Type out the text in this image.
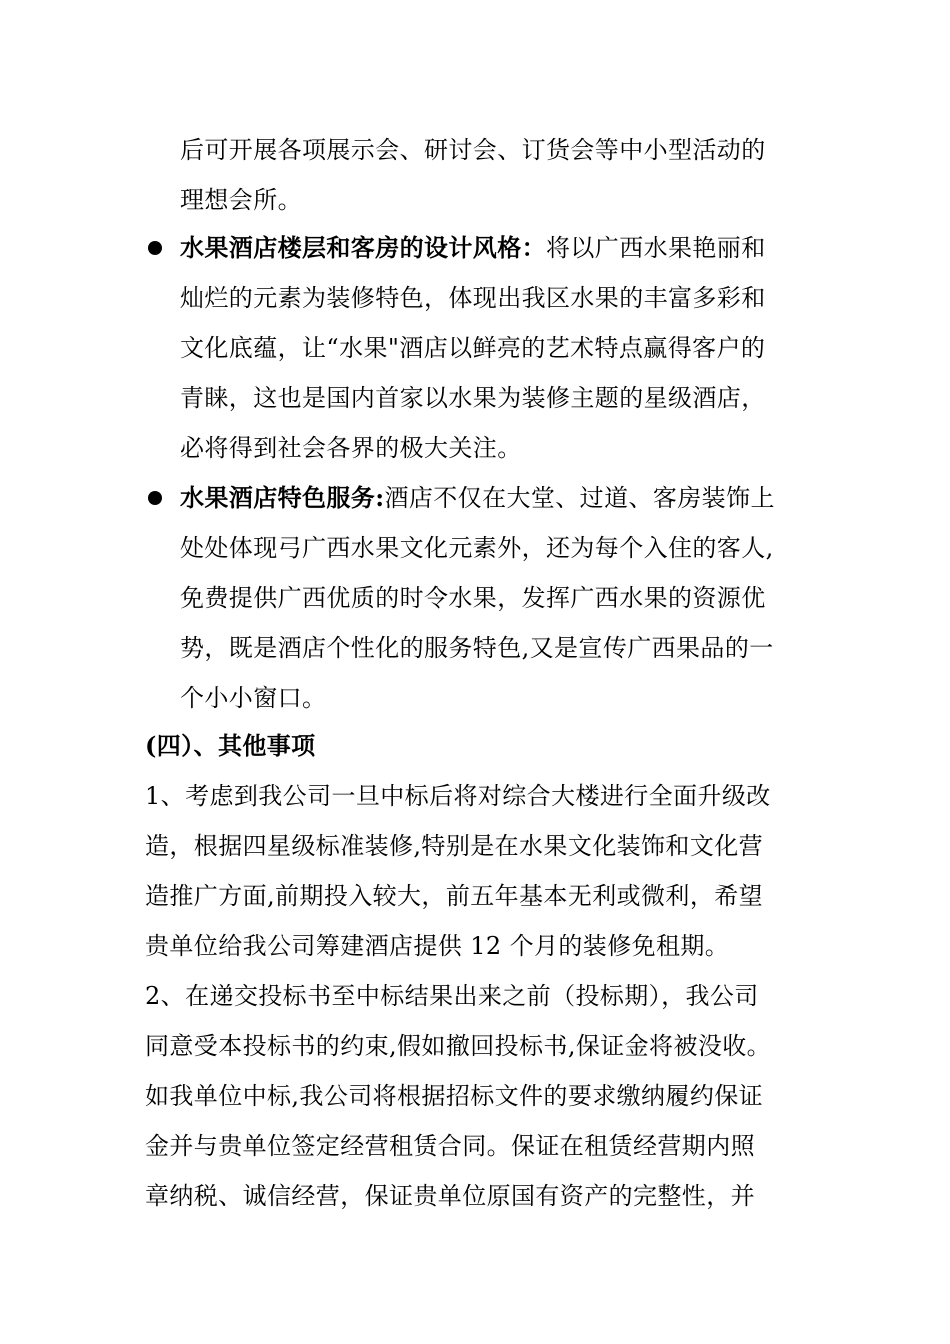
后可开展各项展示会、研讨会、订货会等中小型活动的
理想会所。
水果酒店楼层和客房的设计风格：将以广西水果艳丽和
灿烂的元素为装修特色，体现出我区水果的丰富多彩和
文化底蕴，让“水果"酒店以鲜亮的艺术特点赢得客户的
青睐，这也是国内首家以水果为装修主题的星级酒店，
必将得到社会各界的极大关注。
水果酒店特色服务:酒店不仅在大堂、过道、客房装饰上
处处体现弓广西水果文化元素外，还为每个入住的客人,
免费提供广西优质的时令水果，发挥广西水果的资源优
势，既是酒店个性化的服务特色,又是宣传广西果品的一
个小小窗口。
(四）、其他事项
1、考虑到我公司一旦中标后将对综合大楼进行全面升级改
造，根据四星级标准装修,特别是在水果文化装饰和文化营
造推广方面,前期投入较大，前五年基本无利或微利，希望
贵单位给我公司筹建酒店提供 12 个月的装修免租期。
2、在递交投标书至中标结果出来之前（投标期），我公司
同意受本投标书的约束,假如撤回投标书,保证金将被没收。
如我单位中标,我公司将根据招标文件的要求缴纳履约保证
金并与贵单位签定经营租赁合同。保证在租赁经营期内照
章纳税、诚信经营，保证贵单位原国有资产的完整性，并
